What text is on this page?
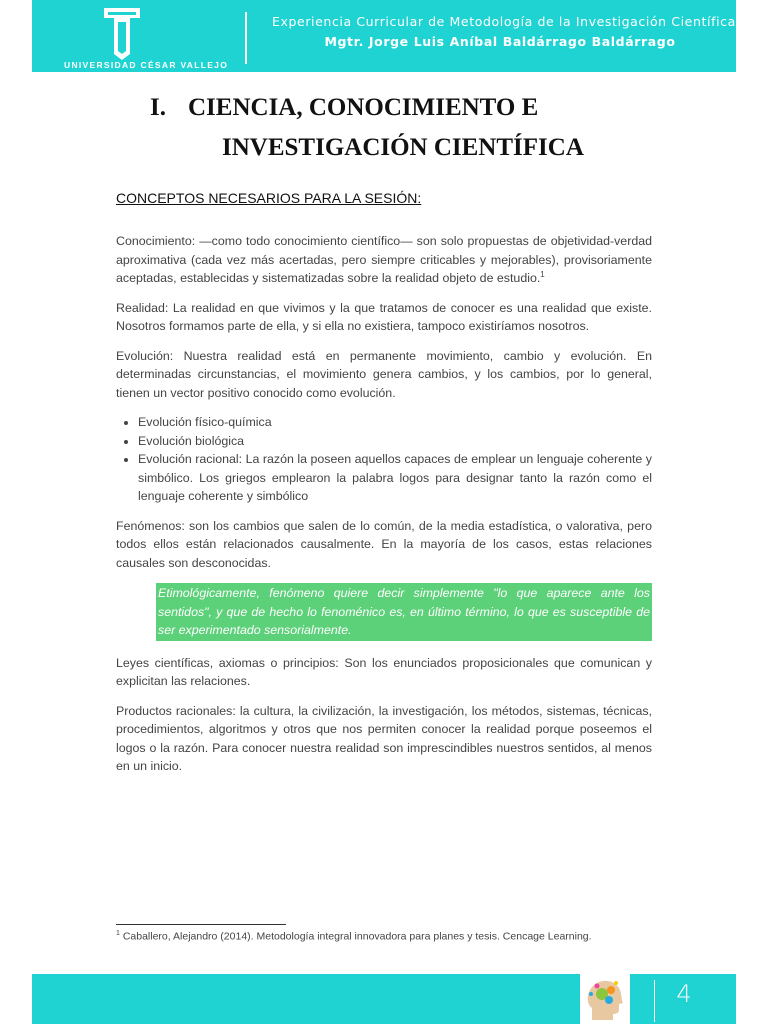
UNIVERSIDAD CÉSAR VALLEJO
Experiencia Curricular de Metodología de la Investigación Científica
Mgtr. Jorge Luis Aníbal Baldárrago Baldárrago
I. CIENCIA, CONOCIMIENTO E
INVESTIGACIÓN CIENTÍFICA
CONCEPTOS NECESARIOS PARA LA SESIÓN:

Conocimiento: —como todo conocimiento científico— son solo propuestas de objetividad-verdad aproximativa (cada vez más acertadas, pero siempre criticables y mejorables), provisoriamente aceptadas, establecidas y sistematizadas sobre la realidad objeto de estudio.$^1$

Realidad: La realidad en que vivimos y la que tratamos de conocer es una realidad que existe. Nosotros formamos parte de ella, y si ella no existiera, tampoco existiríamos nosotros.

Evolución: Nuestra realidad está en permanente movimiento, cambio y evolución. En determinadas circunstancias, el movimiento genera cambios, y los cambios, por lo general, tienen un vector positivo conocido como evolución.

• Evolución físico-química
• Evolución biológica
• Evolución racional: La razón la poseen aquellos capaces de emplear un lenguaje coherente y simbólico. Los griegos emplearon la palabra logos para designar tanto la razón como el lenguaje coherente y simbólico

Fenómenos: son los cambios que salen de lo común, de la media estadística, o valorativa, pero todos ellos están relacionados causalmente. En la mayoría de los casos, estas relaciones causales son desconocidas.

Etimológicamente, fenómeno quiere decir simplemente "lo que aparece ante los sentidos", y que de hecho lo fenoménico es, en último término, lo que es susceptible de ser experimentado sensorialmente.

Leyes científicas, axiomas o principios: Son los enunciados proposicionales que comunican y explicitan las relaciones.

Productos racionales: la cultura, la civilización, la investigación, los métodos, sistemas, técnicas, procedimientos, algoritmos y otros que nos permiten conocer la realidad porque poseemos el logos o la razón. Para conocer nuestra realidad son imprescindibles nuestros sentidos, al menos en un inicio.

$^1$ Caballero, Alejandro (2014). Metodología integral innovadora para planes y tesis. Cencage Learning.
4
